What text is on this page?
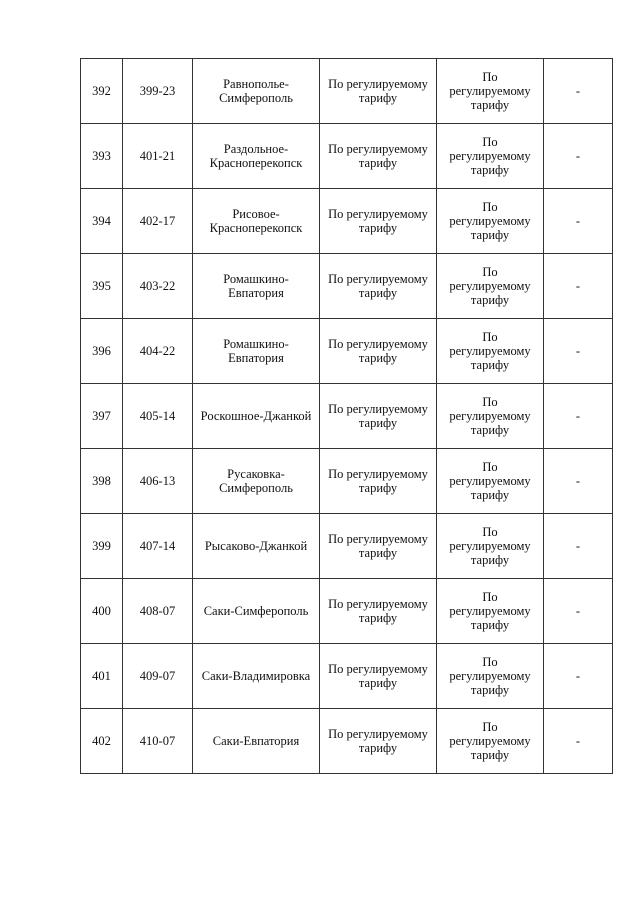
392	399-23	Равнополье-
Симферополь	По регулируемому
тарифу	По
регулируемому
тарифу	-
393	401-21	Раздольное-
Красноперекопск	По регулируемому
тарифу	По
регулируемому
тарифу	-
394	402-17	Рисовое-
Красноперекопск	По регулируемому
тарифу	По
регулируемому
тарифу	-
395	403-22	Ромашкино-
Евпатория	По регулируемому
тарифу	По
регулируемому
тарифу	-
396	404-22	Ромашкино-
Евпатория	По регулируемому
тарифу	По
регулируемому
тарифу	-
397	405-14	Роскошное-Джанкой	По регулируемому
тарифу	По
регулируемому
тарифу	-
398	406-13	Русаковка-
Симферополь	По регулируемому
тарифу	По
регулируемому
тарифу	-
399	407-14	Рысаково-Джанкой	По регулируемому
тарифу	По
регулируемому
тарифу	-
400	408-07	Саки-Симферополь	По регулируемому
тарифу	По
регулируемому
тарифу	-
401	409-07	Саки-Владимировка	По регулируемому
тарифу	По
регулируемому
тарифу	-
402	410-07	Саки-Евпатория	По регулируемому
тарифу	По
регулируемому
тарифу	-
